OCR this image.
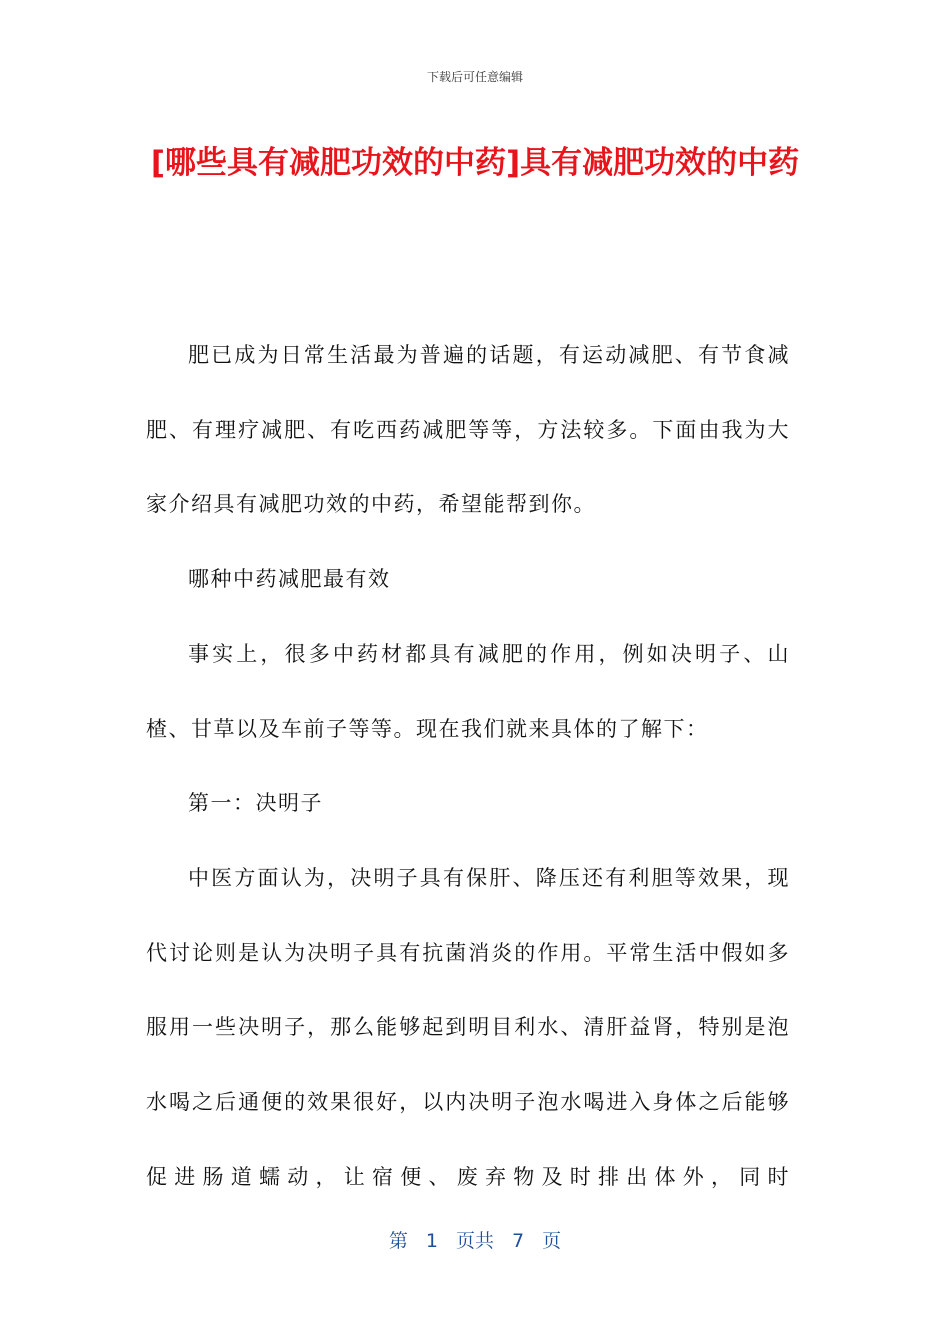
下载后可任意编辑
[哪些具有减肥功效的中药]具有减肥功效的中药

肥已成为日常生活最为普遍的话题，有运动减肥、有节食减肥、有理疗减肥、有吃西药减肥等等，方法较多。下面由我为大家介绍具有减肥功效的中药，希望能帮到你。

哪种中药减肥最有效

事实上，很多中药材都具有减肥的作用，例如决明子、山楂、甘草以及车前子等等。现在我们就来具体的了解下：

第一：决明子

中医方面认为，决明子具有保肝、降压还有利胆等效果，现代讨论则是认为决明子具有抗菌消炎的作用。平常生活中假如多服用一些决明子，那么能够起到明目利水、清肝益肾，特别是泡水喝之后通便的效果很好，以内决明子泡水喝进入身体之后能够促进肠道蠕动，让宿便、废弃物及时排出体外，同时

第 1 页共 7 页
